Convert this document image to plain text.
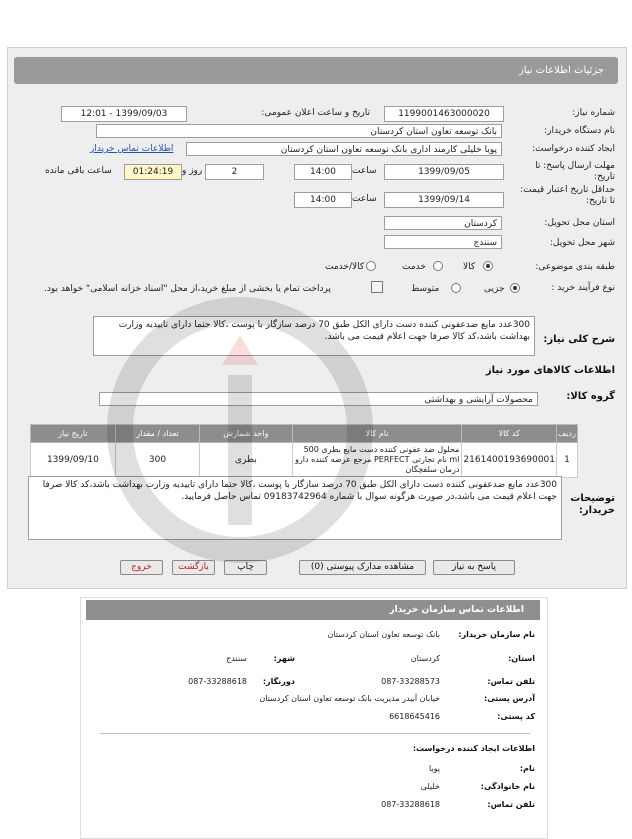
جزئیات اطلاعات نیاز
شماره نیاز:
1199001463000020
تاریخ و ساعت اعلان عمومی:
1399/09/03 - 12:01
نام دستگاه خریدار:
بانک توسعه تعاون استان کردستان
ایجاد کننده درخواست:
پویا خلیلی کارمند اداری بانک توسعه تعاون استان کردستان
اطلاعات تماس خریدار
مهلت ارسال پاسخ: تا تاریخ:
1399/09/05
ساعت
14:00
2
روز و
01:24:19
ساعت باقی مانده
حداقل تاریخ اعتبار قیمت: تا تاریخ:
1399/09/14
ساعت
14:00
استان محل تحویل:
کردستان
شهر محل تحویل:
سنندج
طبقه بندی موضوعی:
کالا
خدمت
کالا/خدمت
نوع فرآیند خرید :
جزیی
متوسط
پرداخت تمام یا بخشی از مبلغ خرید،از محل "اسناد خزانه اسلامی" خواهد بود.
شرح کلی نیاز:
300عدد مایع ضدعفونی کننده دست دارای الکل طبق 70 درصد سازگار با پوست ،کالا حتما دارای تاییدیه وزارت بهداشت باشد،کد کالا صرفا جهت اعلام قیمت می باشد.
اطلاعات کالاهای مورد نیاز
گروه کالا:
محصولات آرایشی و بهداشتی
ردیف	کد کالا	نام کالا	واحد شمارش	تعداد / مقدار	تاریخ نیاز
1	2161400193690001	محلول ضد عفونی کننده دست مایع بطری 500 ml نام تجارتی PERFECT مرجع عرضه کننده دارو درمان سلفچگان	بطری	300	1399/09/10
توضیحات خریدار:
300عدد مایع ضدعفونی کننده دست دارای الکل طبق 70 درصد سازگار با پوست ،کالا حتما دارای تاییدیه وزارت بهداشت باشد،کد کالا صرفا جهت اعلام قیمت می باشد،در صورت هرگونه سوال با شماره 09183742964 تماس حاصل فرمایید.
پاسخ به نیاز
مشاهده مدارک پیوستی (0)
چاپ
بازگشت
خروج
اطلاعات تماس سازمان خریدار
نام سازمان خریدار:
بانک توسعه تعاون استان کردستان
استان:
کردستان
شهر:
سنندج
تلفن تماس:
087-33288573
دورنگار:
087-33288618
آدرس پستی:
خیابان آبیدر مدیریت بانک توسعه تعاون استان کردستان
کد پستی:
6618645416
اطلاعات ایجاد کننده درخواست:
نام:
پویا
نام خانوادگی:
خلیلی
تلفن تماس:
087-33288618
